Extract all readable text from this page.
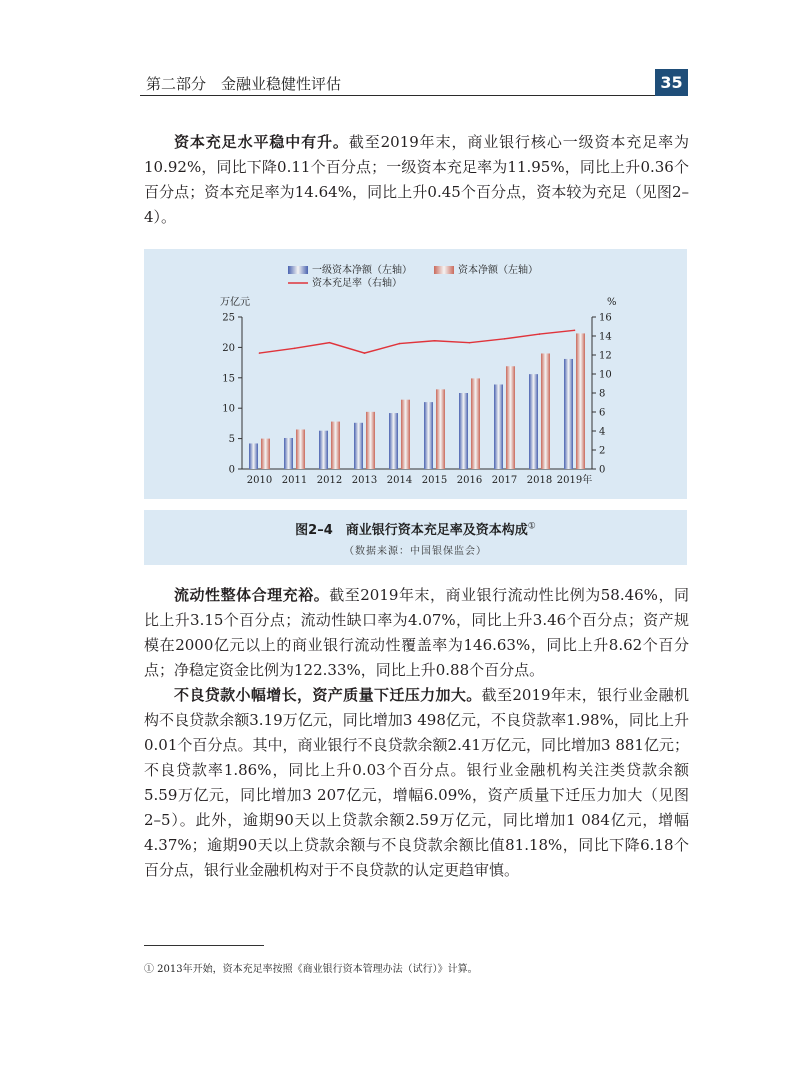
第二部分　金融业稳健性评估	35

资本充足水平稳中有升。截至2019年末，商业银行核心一级资本充足率为10.92%，同比下降0.11个百分点；一级资本充足率为11.95%，同比上升0.36个百分点；资本充足率为14.64%，同比上升0.45个百分点，资本较为充足（见图2–4）。

一级资本净额（左轴）	资本净额（左轴）
资本充足率（右轴）
万亿元	%
0
5
10
15
20
25
0
2
4
6
8
10
12
14
16
2010 2011 2012 2013 2014 2015 2016 2017 2018 2019年
图2–4　商业银行资本充足率及资本构成①
（数据来源：中国银保监会）

流动性整体合理充裕。截至2019年末，商业银行流动性比例为58.46%，同比上升3.15个百分点；流动性缺口率为4.07%，同比上升3.46个百分点；资产规模在2000亿元以上的商业银行流动性覆盖率为146.63%，同比上升8.62个百分点；净稳定资金比例为122.33%，同比上升0.88个百分点。

不良贷款小幅增长，资产质量下迁压力加大。截至2019年末，银行业金融机构不良贷款余额3.19万亿元，同比增加3 498亿元，不良贷款率1.98%，同比上升0.01个百分点。其中，商业银行不良贷款余额2.41万亿元，同比增加3 881亿元；不良贷款率1.86%，同比上升0.03个百分点。银行业金融机构关注类贷款余额5.59万亿元，同比增加3 207亿元，增幅6.09%，资产质量下迁压力加大（见图2–5）。此外，逾期90天以上贷款余额2.59万亿元，同比增加1 084亿元，增幅4.37%；逾期90天以上贷款余额与不良贷款余额比值81.18%，同比下降6.18个百分点，银行业金融机构对于不良贷款的认定更趋审慎。

① 2013年开始，资本充足率按照《商业银行资本管理办法（试行）》计算。
